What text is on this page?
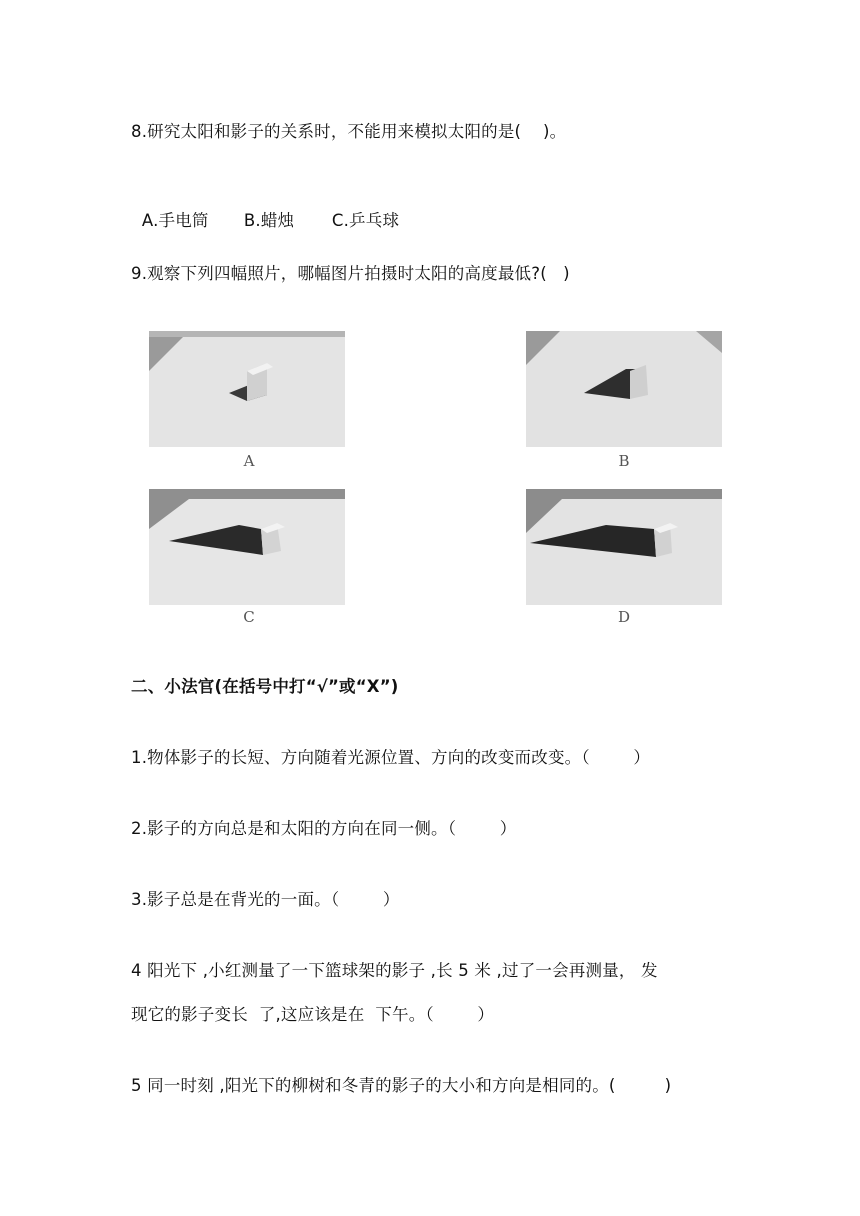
8.研究太阳和影子的关系时，不能用来模拟太阳的是(    )。

A.手电筒 B.蜡烛 C.乒乓球

9.观察下列四幅照片，哪幅图片拍摄时太阳的高度最低?(   )
A	B
C	D
二、小法官(在括号中打“√”或“X”)
1.物体影子的长短、方向随着光源位置、方向的改变而改变。（        ）
2.影子的方向总是和太阳的方向在同一侧。（        ）
3.影子总是在背光的一面。（        ）
4 阳光下 ,小红测量了一下篮球架的影子 ,长 5 米 ,过了一会再测量， 发
现它的影子变长  了,这应该是在  下午。（        ）
5 同一时刻 ,阳光下的柳树和冬青的影子的大小和方向是相同的。(         )
